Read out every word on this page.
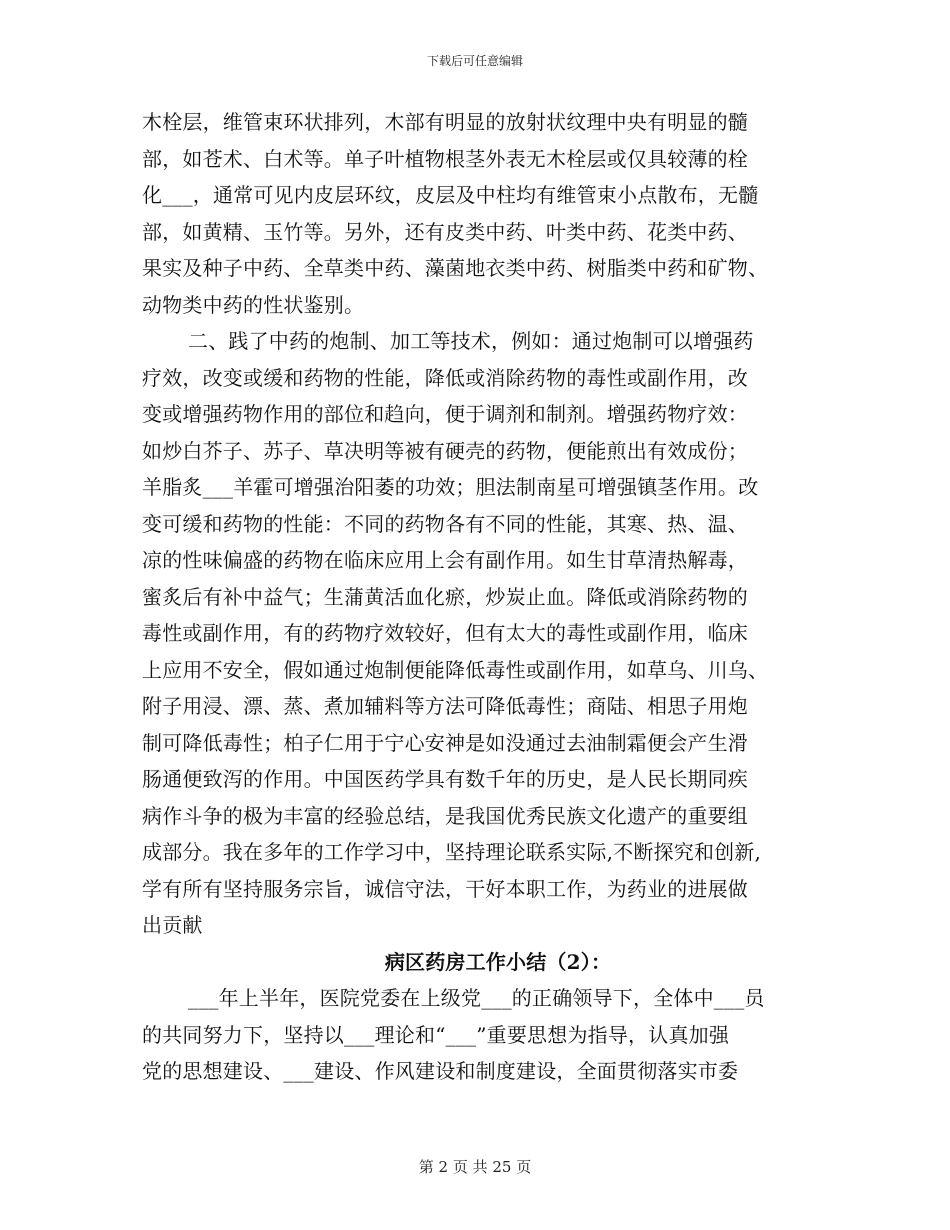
下载后可任意编辑
木栓层，维管束环状排列，木部有明显的放射状纹理中央有明显的髓
部，如苍术、白术等。单子叶植物根茎外表无木栓层或仅具较薄的栓
化___，通常可见内皮层环纹，皮层及中柱均有维管束小点散布，无髓
部，如黄精、玉竹等。另外，还有皮类中药、叶类中药、花类中药、
果实及种子中药、全草类中药、藻菌地衣类中药、树脂类中药和矿物、
动物类中药的性状鉴别。
二、践了中药的炮制、加工等技术，例如：通过炮制可以增强药
疗效，改变或缓和药物的性能，降低或消除药物的毒性或副作用，改
变或增强药物作用的部位和趋向，便于调剂和制剂。增强药物疗效：
如炒白芥子、苏子、草决明等被有硬壳的药物，便能煎出有效成份；
羊脂炙___羊霍可增强治阳萎的功效；胆法制南星可增强镇茎作用。改
变可缓和药物的性能：不同的药物各有不同的性能，其寒、热、温、
凉的性味偏盛的药物在临床应用上会有副作用。如生甘草清热解毒，
蜜炙后有补中益气；生蒲黄活血化瘀，炒炭止血。降低或消除药物的
毒性或副作用，有的药物疗效较好，但有太大的毒性或副作用，临床
上应用不安全，假如通过炮制便能降低毒性或副作用，如草乌、川乌、
附子用浸、漂、蒸、煮加辅料等方法可降低毒性；商陆、相思子用炮
制可降低毒性；柏子仁用于宁心安神是如没通过去油制霜便会产生滑
肠通便致泻的作用。中国医药学具有数千年的历史，是人民长期同疾
病作斗争的极为丰富的经验总结，是我国优秀民族文化遗产的重要组
成部分。我在多年的工作学习中，坚持理论联系实际,不断探究和创新,
学有所有坚持服务宗旨，诚信守法，干好本职工作，为药业的进展做
出贡献
病区药房工作小结（2）：
___年上半年，医院党委在上级党___的正确领导下，全体中___员
的共同努力下，坚持以___理论和“___”重要思想为指导，认真加强
党的思想建设、___建设、作风建设和制度建设，全面贯彻落实市委
第 2 页 共 25 页
